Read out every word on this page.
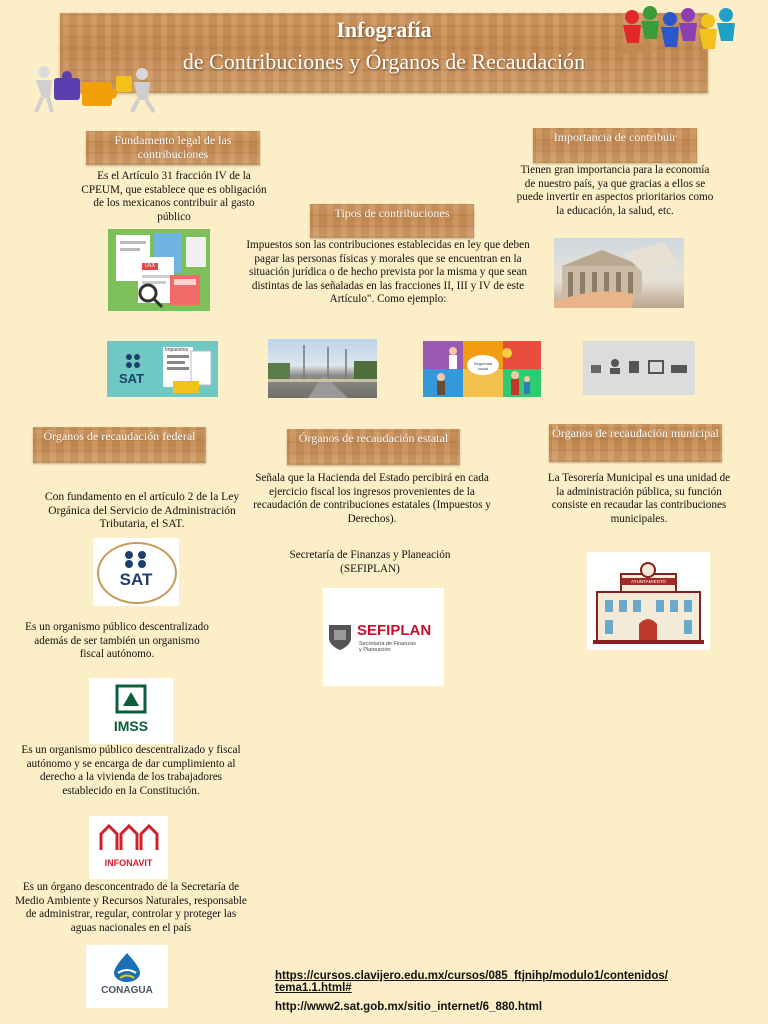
Infografía
de Contribuciones y Órganos de Recaudación
Fundamento legal de las contribuciones
Es el Artículo 31 fracción IV de la CPEUM, que establece que es obligación de los mexicanos contribuir al gasto público
TAX
Importancia de contribuir
Tienen gran importancia para la economía de nuestro país, ya que gracias a ellos se puede invertir en aspectos prioritarios como la educación, la salud, etc.
Tipos de contribuciones
Impuestos son las contribuciones establecidas en ley que deben pagar las personas físicas y morales que se encuentran en la situación jurídica o de hecho prevista por la misma y que sean distintas de las señaladas en las fracciones II, III y IV de este Artículo". Como ejemplo:
SAT
Impuestos
Seguridad social
Órganos de recaudación federal
Con fundamento en el artículo 2 de la Ley Orgánica del Servicio de Administración Tributaria, el SAT.
SAT
Es un organismo público descentralizado además de ser también un organismo fiscal autónomo.
IMSS
Es un organismo público descentralizado y fiscal autónomo y se encarga de dar cumplimiento al derecho a la vivienda de los trabajadores establecido en la Constitución.
INFONAVIT
Es un órgano desconcentrado de la Secretaría de Medio Ambiente y Recursos Naturales, responsable de administrar, regular, controlar y proteger las aguas nacionales en el país
CONAGUA
Órganos de recaudación estatal
Señala que la Hacienda del Estado percibirá en cada ejercicio fiscal los ingresos provenientes de la recaudación de contribuciones estatales (Impuestos y Derechos).
Secretaría de Finanzas y Planeación (SEFIPLAN)
SEFIPLAN
Secretaría de Finanzas y Planeación
Órganos de recaudación municipal
La Tesorería Municipal es una unidad de la administración pública, su función consiste en recaudar las contribuciones municipales.
AYUNTAMIENTO
https://cursos.clavijero.edu.mx/cursos/085_ftjnihp/modulo1/contenidos/
tema1.1.html#
http://www2.sat.gob.mx/sitio_internet/6_880.html
